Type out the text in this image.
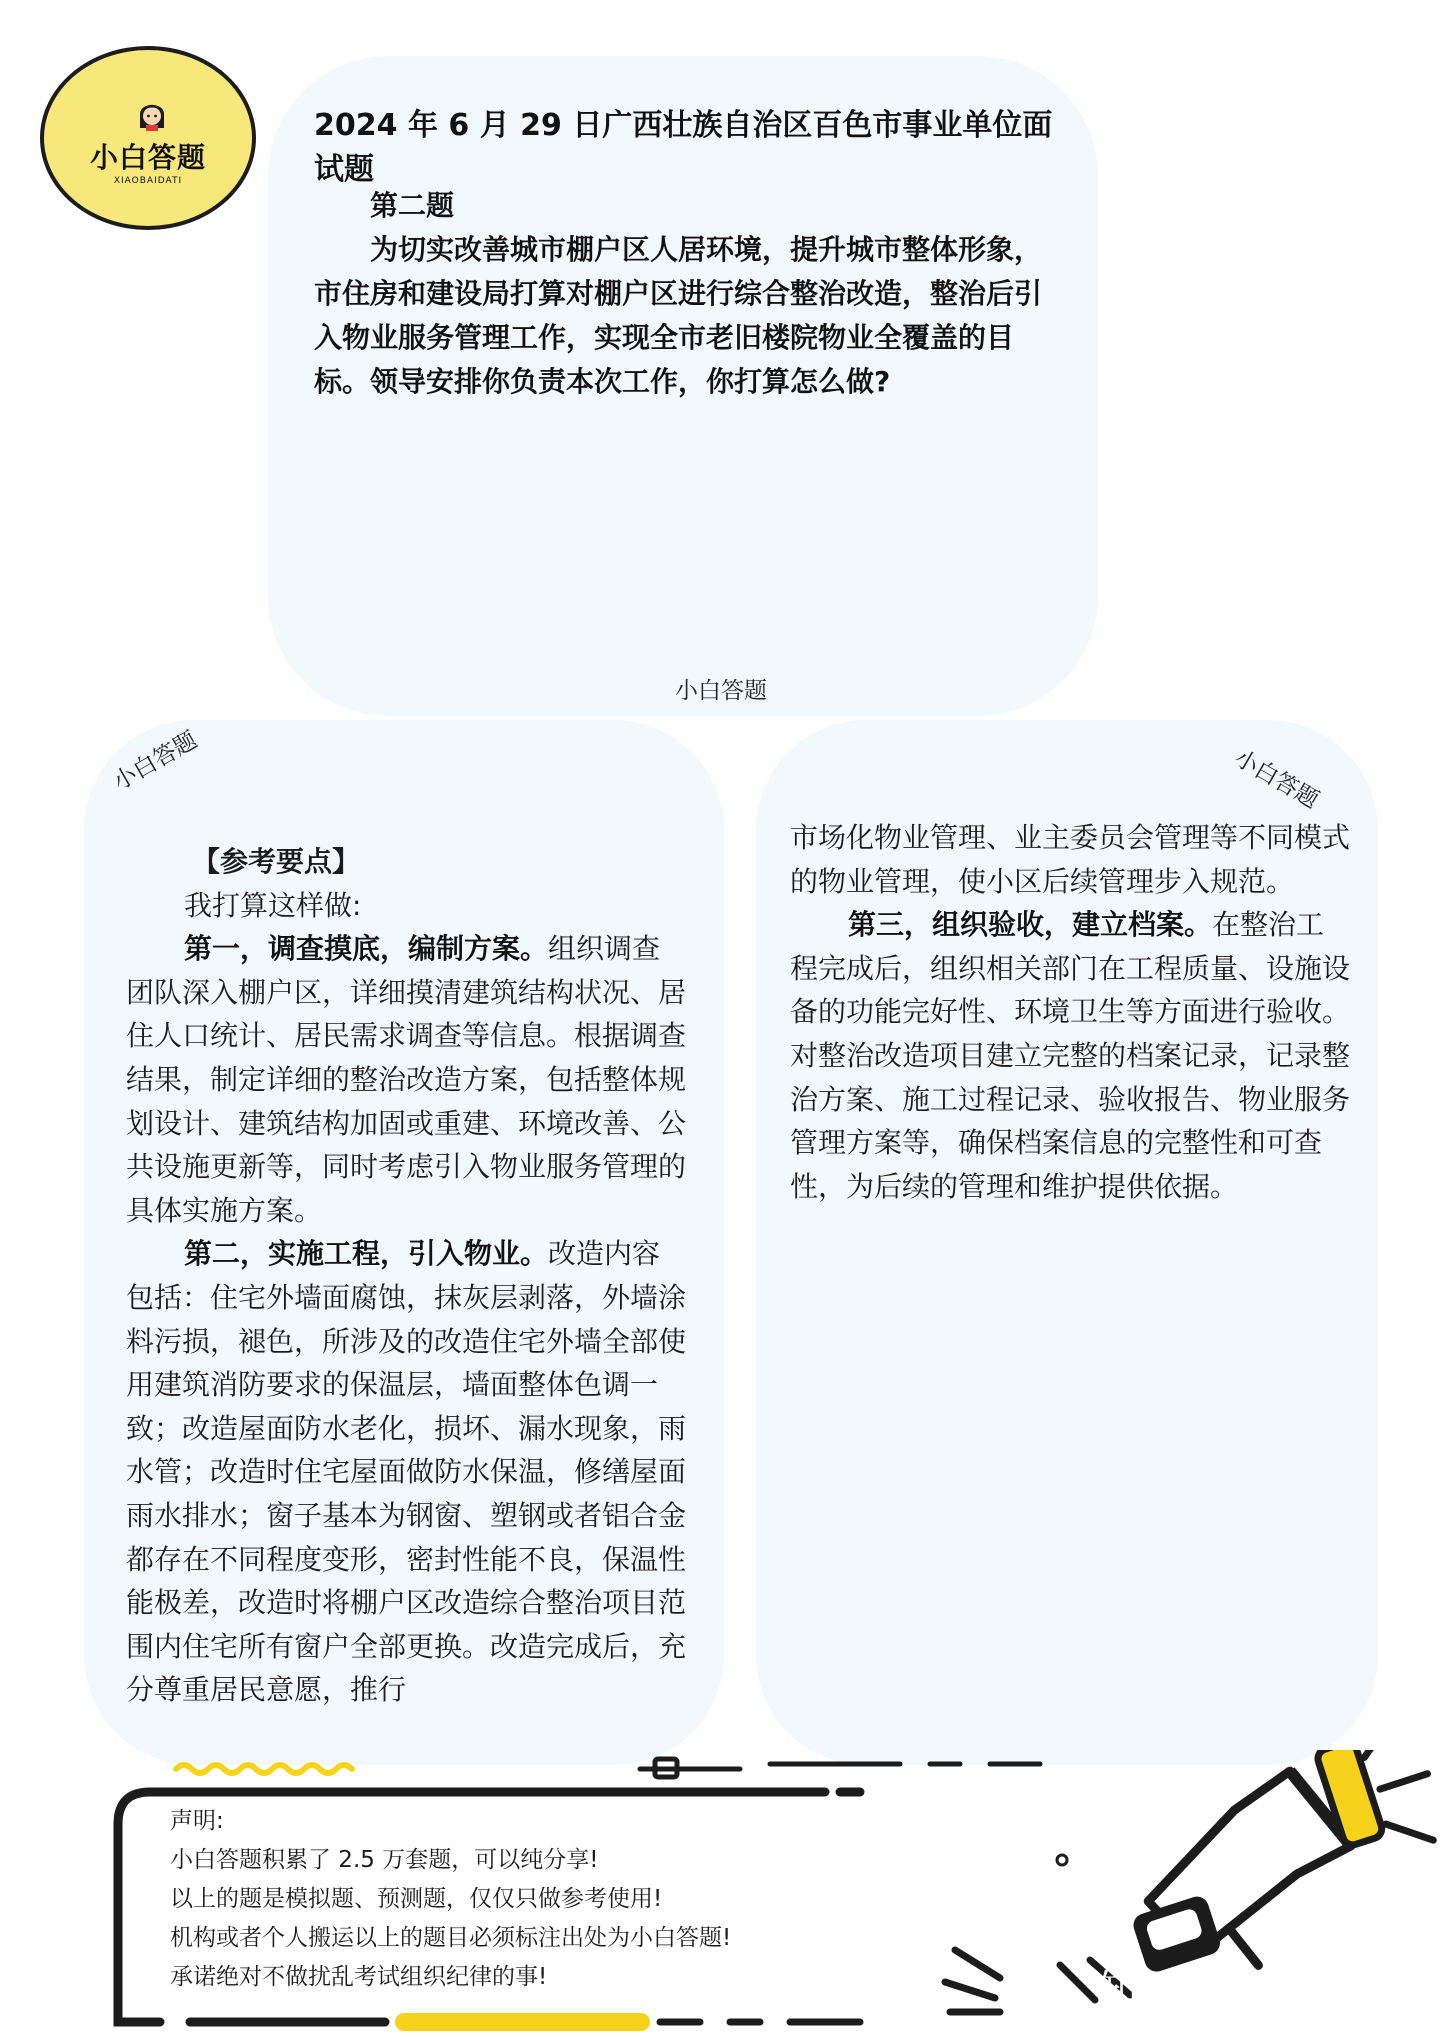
小白答题
XIAOBAIDATI
2024 年 6 月 29 日广西壮族自治区百色市事业单位面试题

第二题

为切实改善城市棚户区人居环境，提升城市整体形象，市住房和建设局打算对棚户区进行综合整治改造，整治后引入物业服务管理工作，实现全市老旧楼院物业全覆盖的目标。领导安排你负责本次工作，你打算怎么做?

小白答题
小白答题	小白答题

【参考要点】

我打算这样做:

第一，调查摸底，编制方案。组织调查团队深入棚户区，详细摸清建筑结构状况、居住人口统计、居民需求调查等信息。根据调查结果，制定详细的整治改造方案，包括整体规划设计、建筑结构加固或重建、环境改善、公共设施更新等，同时考虑引入物业服务管理的具体实施方案。

第二，实施工程，引入物业。改造内容包括：住宅外墙面腐蚀，抹灰层剥落，外墙涂料污损，褪色，所涉及的改造住宅外墙全部使用建筑消防要求的保温层，墙面整体色调一致；改造屋面防水老化，损坏、漏水现象，雨水管；改造时住宅屋面做防水保温，修缮屋面雨水排水；窗子基本为钢窗、塑钢或者铝合金都存在不同程度变形，密封性能不良，保温性能极差，改造时将棚户区改造综合整治项目范围内住宅所有窗户全部更换。改造完成后，充分尊重居民意愿，推行

市场化物业管理、业主委员会管理等不同模式的物业管理，使小区后续管理步入规范。

第三，组织验收，建立档案。在整治工程完成后，组织相关部门在工程质量、设施设备的功能完好性、环境卫生等方面进行验收。对整治改造项目建立完整的档案记录，记录整治方案、施工过程记录、验收报告、物业服务管理方案等，确保档案信息的完整性和可查性，为后续的管理和维护提供依据。

声明:
小白答题积累了 2.5 万套题，可以纯分享!
以上的题是模拟题、预测题，仅仅只做参考使用!
机构或者个人搬运以上的题目必须标注出处为小白答题!
承诺绝对不做扰乱考试组织纪律的事!	知乎 @ 小白答题
